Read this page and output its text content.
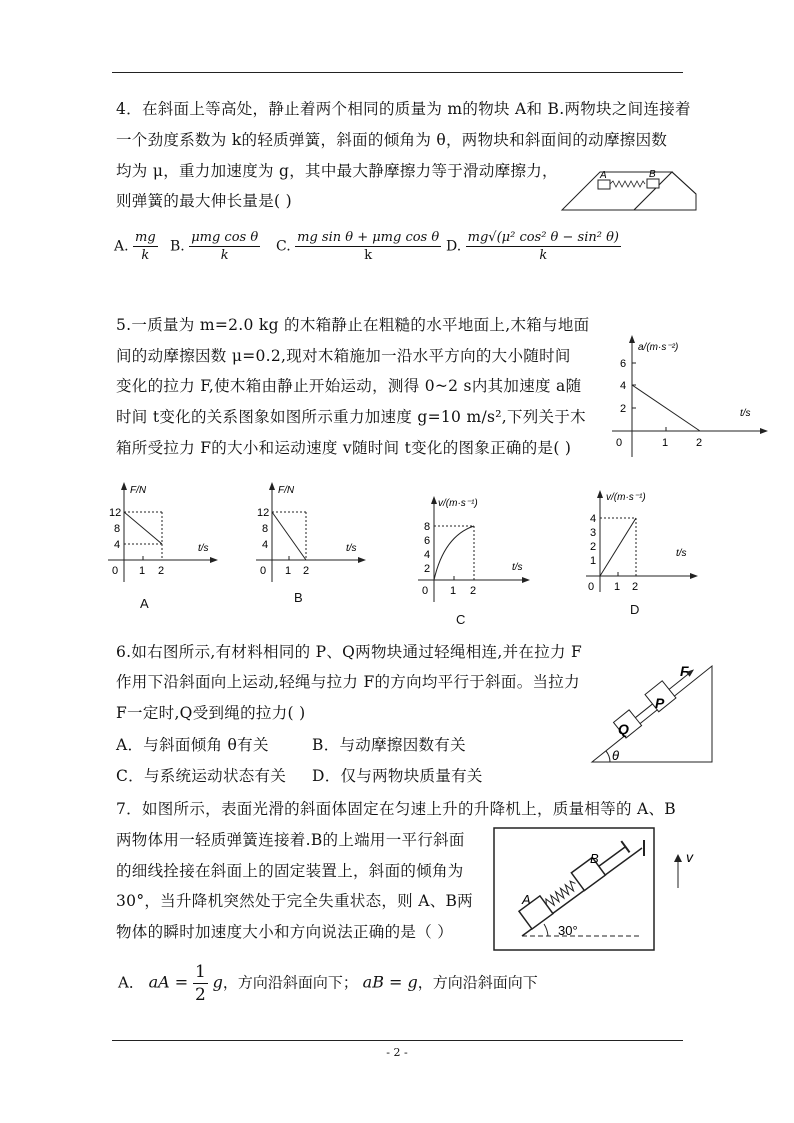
4．在斜面上等高处，静止着两个相同的质量为 m的物块 A和 B.两物块之间连接着
一个劲度系数为 k的轻质弹簧，斜面的倾角为 θ，两物块和斜面间的动摩擦因数
均为 μ，重力加速度为 g，其中最大静摩擦力等于滑动摩擦力，
则弹簧的最大伸长量是( )
A	B
A. $\frac{mg}{k} B$. $\frac{\text{μmg cos θ}}{k} C$. $\frac{\text{mg sin θ + μmg cos θ}}{k} D$. $\frac{\text{mg√(μ² cos² θ − sin² θ)}}{k}$
5.一质量为 m=2.0 kg 的木箱静止在粗糙的水平地面上,木箱与地面
间的动摩擦因数 μ=0.2,现对木箱施加一沿水平方向的大小随时间
变化的拉力 F,使木箱由静止开始运动，测得 0~2 s内其加速度 a随
时间 t变化的关系图象如图所示重力加速度 g=10 m/s²,下列关于木
箱所受拉力 F的大小和运动速度 v随时间 t变化的图象正确的是( )
a/(m·s⁻²)
t/s
6
4
2
0	1	2
F/N
t/s
12
8
4
0 1 2
A
F/N
t/s
12
8
4
0 1 2
B
v/(m·s⁻¹)
t/s
8
6
4
2
0 1 2
C
v/(m·s⁻¹)
t/s
4
3
2
1
0 1 2
D
6.如右图所示,有材料相同的 P、Q两物块通过轻绳相连,并在拉力 F
作用下沿斜面向上运动,轻绳与拉力 F的方向均平行于斜面。当拉力
F一定时,Q受到绳的拉力( )
A．与斜面倾角 θ有关	B．与动摩擦因数有关
C．与系统运动状态有关 D．仅与两物块质量有关
Q
P
F
θ
7．如图所示，表面光滑的斜面体固定在匀速上升的升降机上，质量相等的 A、B
两物体用一轻质弹簧连接着.B的上端用一平行斜面
的细线拴接在斜面上的固定装置上，斜面的倾角为
30°，当升降机突然处于完全失重状态，则 A、B两
物体的瞬时加速度大小和方向说法正确的是（ ）
A
B
30°
v
A． aA = $\frac{1}{2}$ g，方向沿斜面向下； aB = g，方向沿斜面向下
- 2 -
